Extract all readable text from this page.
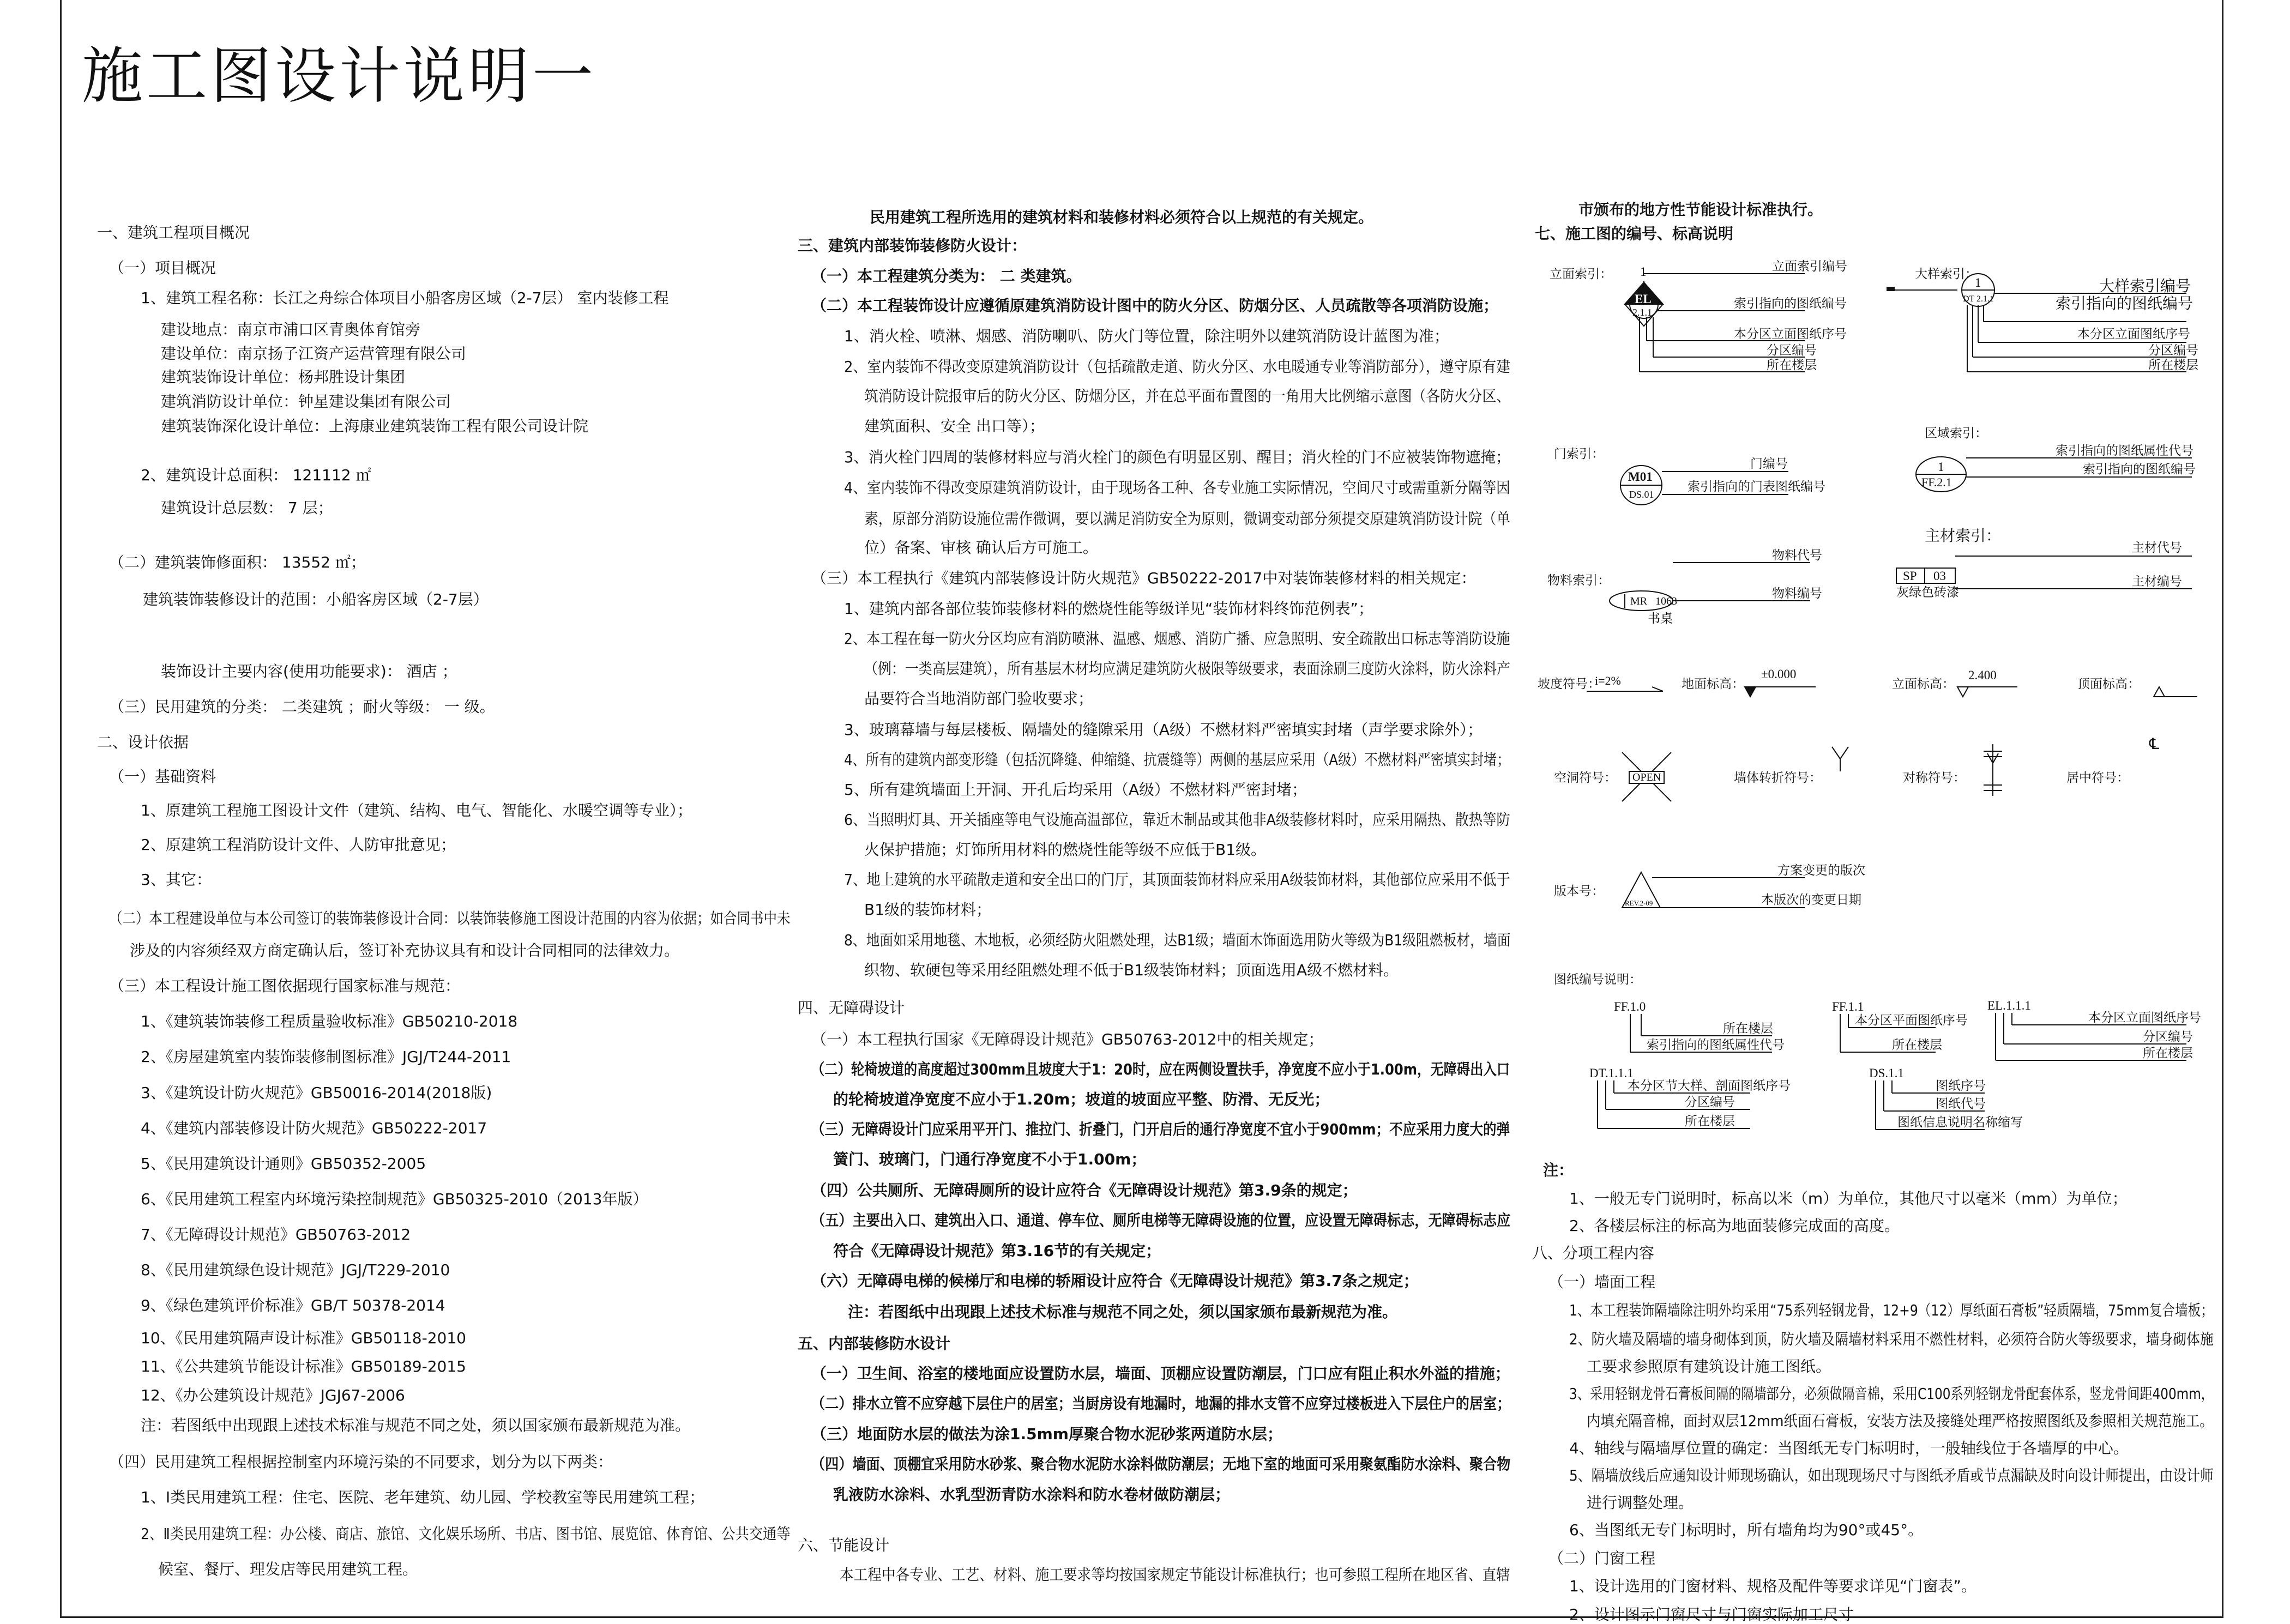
施工图设计说明一
一、建筑工程项目概况
（一）项目概况
1、建筑工程名称：长江之舟综合体项目小船客房区域（2-7层） 室内装修工程
建设地点：南京市浦口区青奥体育馆旁
建设单位：南京扬子江资产运营管理有限公司
建筑装饰设计单位：杨邦胜设计集团
建筑消防设计单位：钟星建设集团有限公司
建筑装饰深化设计单位：上海康业建筑装饰工程有限公司设计院
2、建筑设计总面积： 121112 ㎡
建筑设计总层数： 7 层；
（二）建筑装饰修面积： 13552 ㎡；
建筑装饰装修设计的范围：小船客房区域（2-7层）
装饰设计主要内容(使用功能要求)： 酒店 ；
（三）民用建筑的分类： 二类建筑 ；耐火等级： 一 级。
二、设计依据
（一）基础资料
1、原建筑工程施工图设计文件（建筑、结构、电气、智能化、水暖空调等专业）；
2、原建筑工程消防设计文件、人防审批意见；
3、其它：
（二）本工程建设单位与本公司签订的装饰装修设计合同：以装饰装修施工图设计范围的内容为依据；如合同书中未
涉及的内容须经双方商定确认后，签订补充协议具有和设计合同相同的法律效力。
（三）本工程设计施工图依据现行国家标准与规范：
1、《建筑装饰装修工程质量验收标准》GB50210-2018
2、《房屋建筑室内装饰装修制图标准》JGJ/T244-2011
3、《建筑设计防火规范》GB50016-2014(2018版)
4、《建筑内部装修设计防火规范》GB50222-2017
5、《民用建筑设计通则》GB50352-2005
6、《民用建筑工程室内环境污染控制规范》GB50325-2010（2013年版）
7、《无障碍设计规范》GB50763-2012
8、《民用建筑绿色设计规范》JGJ/T229-2010
9、《绿色建筑评价标准》GB/T 50378-2014
10、《民用建筑隔声设计标准》GB50118-2010
11、《公共建筑节能设计标准》GB50189-2015
12、《办公建筑设计规范》JGJ67-2006
注：若图纸中出现跟上述技术标准与规范不同之处，须以国家颁布最新规范为准。
（四）民用建筑工程根据控制室内环境污染的不同要求，划分为以下两类：
1、Ⅰ类民用建筑工程：住宅、医院、老年建筑、幼儿园、学校教室等民用建筑工程；
2、Ⅱ类民用建筑工程：办公楼、商店、旅馆、文化娱乐场所、书店、图书馆、展览馆、体育馆、公共交通等
候室、餐厅、理发店等民用建筑工程。
民用建筑工程所选用的建筑材料和装修材料必须符合以上规范的有关规定。
三、建筑内部装饰装修防火设计：
（一）本工程建筑分类为： 二 类建筑。
（二）本工程装饰设计应遵循原建筑消防设计图中的防火分区、防烟分区、人员疏散等各项消防设施；
1、消火栓、喷淋、烟感、消防喇叭、防火门等位置，除注明外以建筑消防设计蓝图为准；
2、室内装饰不得改变原建筑消防设计（包括疏散走道、防火分区、水电暖通专业等消防部分），遵守原有建
筑消防设计院报审后的防火分区、防烟分区，并在总平面布置图的一角用大比例缩示意图（各防火分区、
建筑面积、安全 出口等）；
3、消火栓门四周的装修材料应与消火栓门的颜色有明显区别、醒目；消火栓的门不应被装饰物遮掩；
4、室内装饰不得改变原建筑消防设计，由于现场各工种、各专业施工实际情况，空间尺寸或需重新分隔等因
素，原部分消防设施位需作微调，要以满足消防安全为原则，微调变动部分须提交原建筑消防设计院（单
位）备案、审核 确认后方可施工。
（三）本工程执行《建筑内部装修设计防火规范》GB50222-2017中对装饰装修材料的相关规定：
1、建筑内部各部位装饰装修材料的燃烧性能等级详见“装饰材料终饰范例表”；
2、本工程在每一防火分区均应有消防喷淋、温感、烟感、消防广播、应急照明、安全疏散出口标志等消防设施
（例：一类高层建筑），所有基层木材均应满足建筑防火极限等级要求，表面涂刷三度防火涂料，防火涂料产
品要符合当地消防部门验收要求；
3、玻璃幕墙与每层楼板、隔墙处的缝隙采用（A级）不燃材料严密填实封堵（声学要求除外）；
4、所有的建筑内部变形缝（包括沉降缝、伸缩缝、抗震缝等）两侧的基层应采用（A级）不燃材料严密填实封堵；
5、所有建筑墙面上开洞、开孔后均采用（A级）不燃材料严密封堵；
6、当照明灯具、开关插座等电气设施高温部位，靠近木制品或其他非A级装修材料时，应采用隔热、散热等防
火保护措施；灯饰所用材料的燃烧性能等级不应低于B1级。
7、地上建筑的水平疏散走道和安全出口的门厅，其顶面装饰材料应采用A级装饰材料，其他部位应采用不低于
B1级的装饰材料；
8、地面如采用地毯、木地板，必须经防火阻燃处理，达B1级；墙面木饰面选用防火等级为B1级阻燃板材，墙面
织物、软硬包等采用经阻燃处理不低于B1级装饰材料；顶面选用A级不燃材料。
四、无障碍设计
（一）本工程执行国家《无障碍设计规范》GB50763-2012中的相关规定；
（二）轮椅坡道的高度超过300mm且坡度大于1：20时，应在两侧设置扶手，净宽度不应小于1.00m，无障碍出入口
的轮椅坡道净宽度不应小于1.20m；坡道的坡面应平整、防滑、无反光；
（三）无障碍设计门应采用平开门、推拉门、折叠门，门开启后的通行净宽度不宜小于900mm；不应采用力度大的弹
簧门、玻璃门，门通行净宽度不小于1.00m；
（四）公共厕所、无障碍厕所的设计应符合《无障碍设计规范》第3.9条的规定；
（五）主要出入口、建筑出入口、通道、停车位、厕所电梯等无障碍设施的位置，应设置无障碍标志，无障碍标志应
符合《无障碍设计规范》第3.16节的有关规定；
（六）无障碍电梯的候梯厅和电梯的轿厢设计应符合《无障碍设计规范》第3.7条之规定；
注：若图纸中出现跟上述技术标准与规范不同之处，须以国家颁布最新规范为准。
五、内部装修防水设计
（一）卫生间、浴室的楼地面应设置防水层，墙面、顶棚应设置防潮层，门口应有阻止积水外溢的措施；
（二）排水立管不应穿越下层住户的居室；当厨房设有地漏时，地漏的排水支管不应穿过楼板进入下层住户的居室；
（三）地面防水层的做法为涂1.5mm厚聚合物水泥砂浆两道防水层；
（四）墙面、顶棚宜采用防水砂浆、聚合物水泥防水涂料做防潮层；无地下室的地面可采用聚氨酯防水涂料、聚合物
乳液防水涂料、水乳型沥青防水涂料和防水卷材做防潮层；
六、节能设计
本工程中各专业、工艺、材料、施工要求等均按国家规定节能设计标准执行；也可参照工程所在地区省、直辖
市颁布的地方性节能设计标准执行。
七、施工图的编号、标高说明
注：
1、一般无专门说明时，标高以米（m）为单位，其他尺寸以毫米（mm）为单位；
2、各楼层标注的标高为地面装修完成面的高度。
八、分项工程内容
（一）墙面工程
1、本工程装饰隔墙除注明外均采用“75系列轻钢龙骨，12+9（12）厚纸面石膏板”轻质隔墙，75mm复合墙板；
2、防火墙及隔墙的墙身砌体到顶，防火墙及隔墙材料采用不燃性材料，必须符合防火等级要求，墙身砌体施
工要求参照原有建筑设计施工图纸。
3、采用轻钢龙骨石膏板间隔的隔墙部分，必须做隔音棉，采用C100系列轻钢龙骨配套体系，竖龙骨间距400mm，
内填充隔音棉，面封双层12mm纸面石膏板，安装方法及接缝处理严格按照图纸及参照相关规范施工。
4、轴线与隔墙厚位置的确定：当图纸无专门标明时，一般轴线位于各墙厚的中心。
5、隔墙放线后应通知设计师现场确认，如出现现场尺寸与图纸矛盾或节点漏缺及时向设计师提出，由设计师
进行调整处理。
6、当图纸无专门标明时，所有墙角均为90°或45°。
（二）门窗工程
1、设计选用的门窗材料、规格及配件等要求详见“门窗表”。
2、设计图示门窗尺寸与门窗实际加工尺寸
立面索引： 1
EL
2.1.1
立面索引编号
索引指向的图纸编号
本分区立面图纸序号
分区编号
所在楼层
大样索引：
1
DT 2.1.1
大样索引编号
索引指向的图纸编号
本分区立面图纸序号
分区编号
所在楼层
门索引：
M01
DS.01
门编号
索引指向的门表图纸编号
区域索引：
1
FF.2.1
索引指向的图纸属性代号
索引指向的图纸编号
主材索引：
SP 03
灰绿色砖漆
主材代号
主材编号
物料索引：
MR 1063
书桌
物料代号
物料编号
坡度符号：
i=2%	地面标高：
±0.000
立面标高：
2.400
顶面标高：
空洞符号： OPEN	墙体转折符号：	对称符号：	居中符号：
℄
版本号：
REV.2-09
方案变更的版次
本版次的变更日期
图纸编号说明：
FF.1.0
所在楼层
索引指向的图纸属性代号
FF.1.1
本分区平面图纸序号
所在楼层
EL.1.1.1
本分区立面图纸序号
分区编号
所在楼层
DT.1.1.1
本分区节大样、剖面图纸序号
分区编号
所在楼层
DS.1.1
图纸序号
图纸代号
图纸信息说明名称缩写
